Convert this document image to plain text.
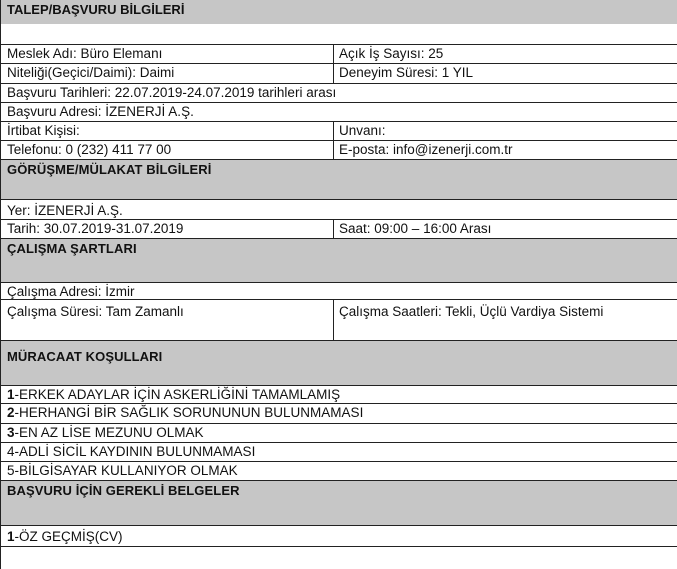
TALEP/BAŞVURU BİLGİLERİ
Meslek Adı: Büro Elemanı	Açık İş Sayısı: 25
Niteliği(Geçici/Daimi): Daimi	Deneyim Süresi: 1 YIL
Başvuru Tarihleri: 22.07.2019-24.07.2019 tarihleri arası
Başvuru Adresi: İZENERJİ A.Ş.
İrtibat Kişisi:	Unvanı:
Telefonu: 0 (232) 411 77 00	E-posta: info@izenerji.com.tr
GÖRÜŞME/MÜLAKAT BİLGİLERİ
Yer: İZENERJİ A.Ş.
Tarih: 30.07.2019-31.07.2019	Saat: 09:00 – 16:00 Arası
ÇALIŞMA ŞARTLARI
Çalışma Adresi: İzmir
Çalışma Süresi: Tam Zamanlı	Çalışma Saatleri: Tekli, Üçlü Vardiya Sistemi
MÜRACAAT KOŞULLARI
1-ERKEK ADAYLAR İÇİN ASKERLİĞİNİ TAMAMLAMIŞ
2-HERHANGİ BİR SAĞLIK SORUNUNUN BULUNMAMASI
3-EN AZ LİSE MEZUNU OLMAK
4-ADLİ SİCİL KAYDININ BULUNMAMASI
5-BİLGİSAYAR KULLANIYOR OLMAK
BAŞVURU İÇİN GEREKLİ BELGELER
1-ÖZ GEÇMİŞ(CV)
